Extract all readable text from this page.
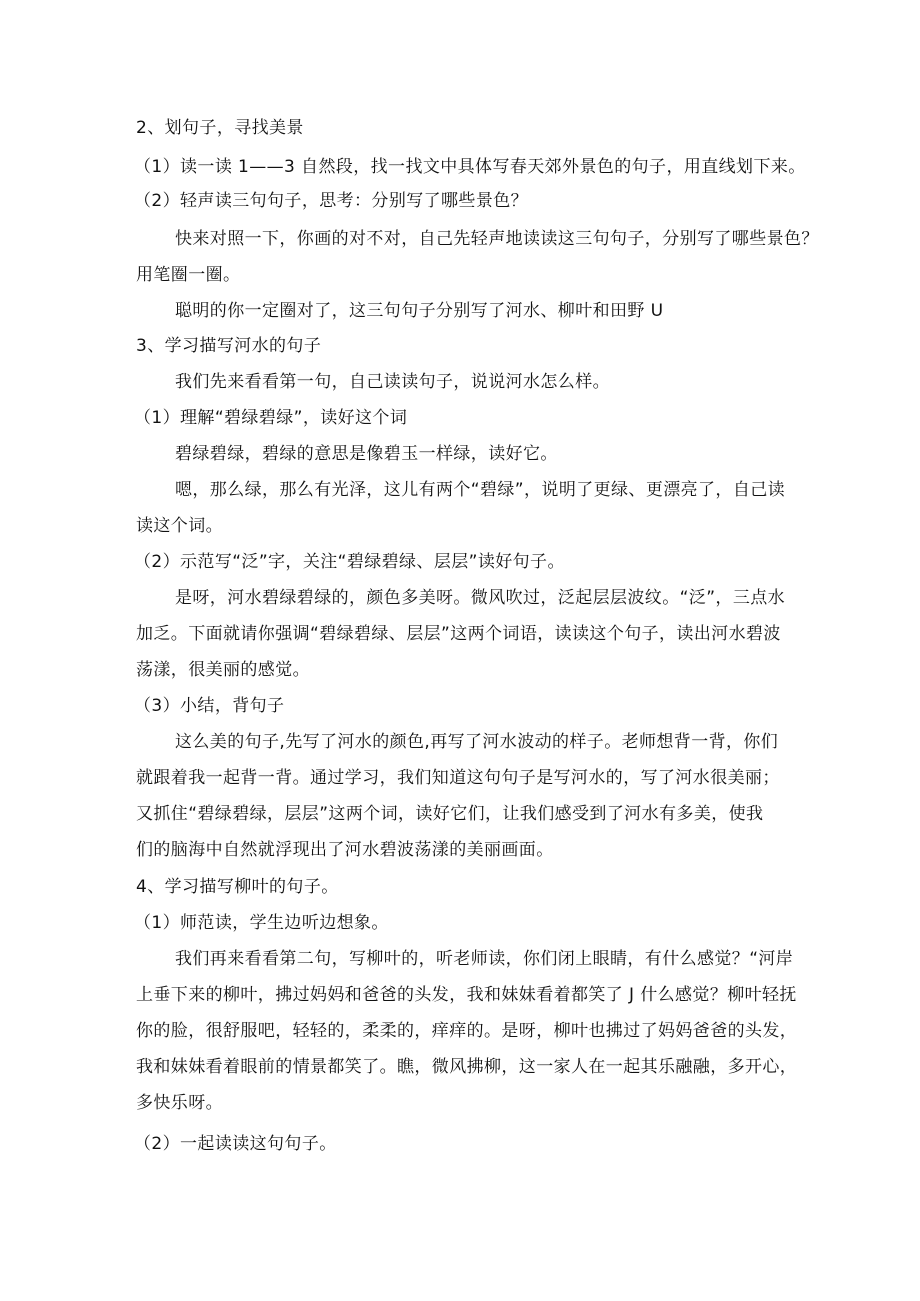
2、划句子，寻找美景
（1）读一读 1——3 自然段，找一找文中具体写春天郊外景色的句子，用直线划下来。
（2）轻声读三句句子，思考：分别写了哪些景色？
快来对照一下，你画的对不对，自己先轻声地读读这三句句子，分别写了哪些景色？
用笔圈一圈。
聪明的你一定圈对了，这三句句子分别写了河水、柳叶和田野 U
3、学习描写河水的句子
我们先来看看第一句，自己读读句子，说说河水怎么样。
（1）理解“碧绿碧绿”，读好这个词
碧绿碧绿，碧绿的意思是像碧玉一样绿，读好它。
嗯，那么绿，那么有光泽，这儿有两个“碧绿”，说明了更绿、更漂亮了，自己读
读这个词。
（2）示范写“泛”字，关注“碧绿碧绿、层层”读好句子。
是呀，河水碧绿碧绿的，颜色多美呀。微风吹过，泛起层层波纹。“泛”，三点水
加乏。下面就请你强调“碧绿碧绿、层层”这两个词语，读读这个句子，读出河水碧波
荡漾，很美丽的感觉。
（3）小结，背句子
这么美的句子,先写了河水的颜色,再写了河水波动的样子。老师想背一背，你们
就跟着我一起背一背。通过学习，我们知道这句句子是写河水的，写了河水很美丽；
又抓住“碧绿碧绿，层层”这两个词，读好它们，让我们感受到了河水有多美，使我
们的脑海中自然就浮现出了河水碧波荡漾的美丽画面。
4、学习描写柳叶的句子。
（1）师范读，学生边听边想象。
我们再来看看第二句，写柳叶的，听老师读，你们闭上眼睛，有什么感觉？“河岸
上垂下来的柳叶，拂过妈妈和爸爸的头发，我和妹妹看着都笑了 J 什么感觉？柳叶轻抚
你的脸，很舒服吧，轻轻的，柔柔的，痒痒的。是呀，柳叶也拂过了妈妈爸爸的头发，
我和妹妹看着眼前的情景都笑了。瞧，微风拂柳，这一家人在一起其乐融融，多开心，
多快乐呀。
（2）一起读读这句句子。
